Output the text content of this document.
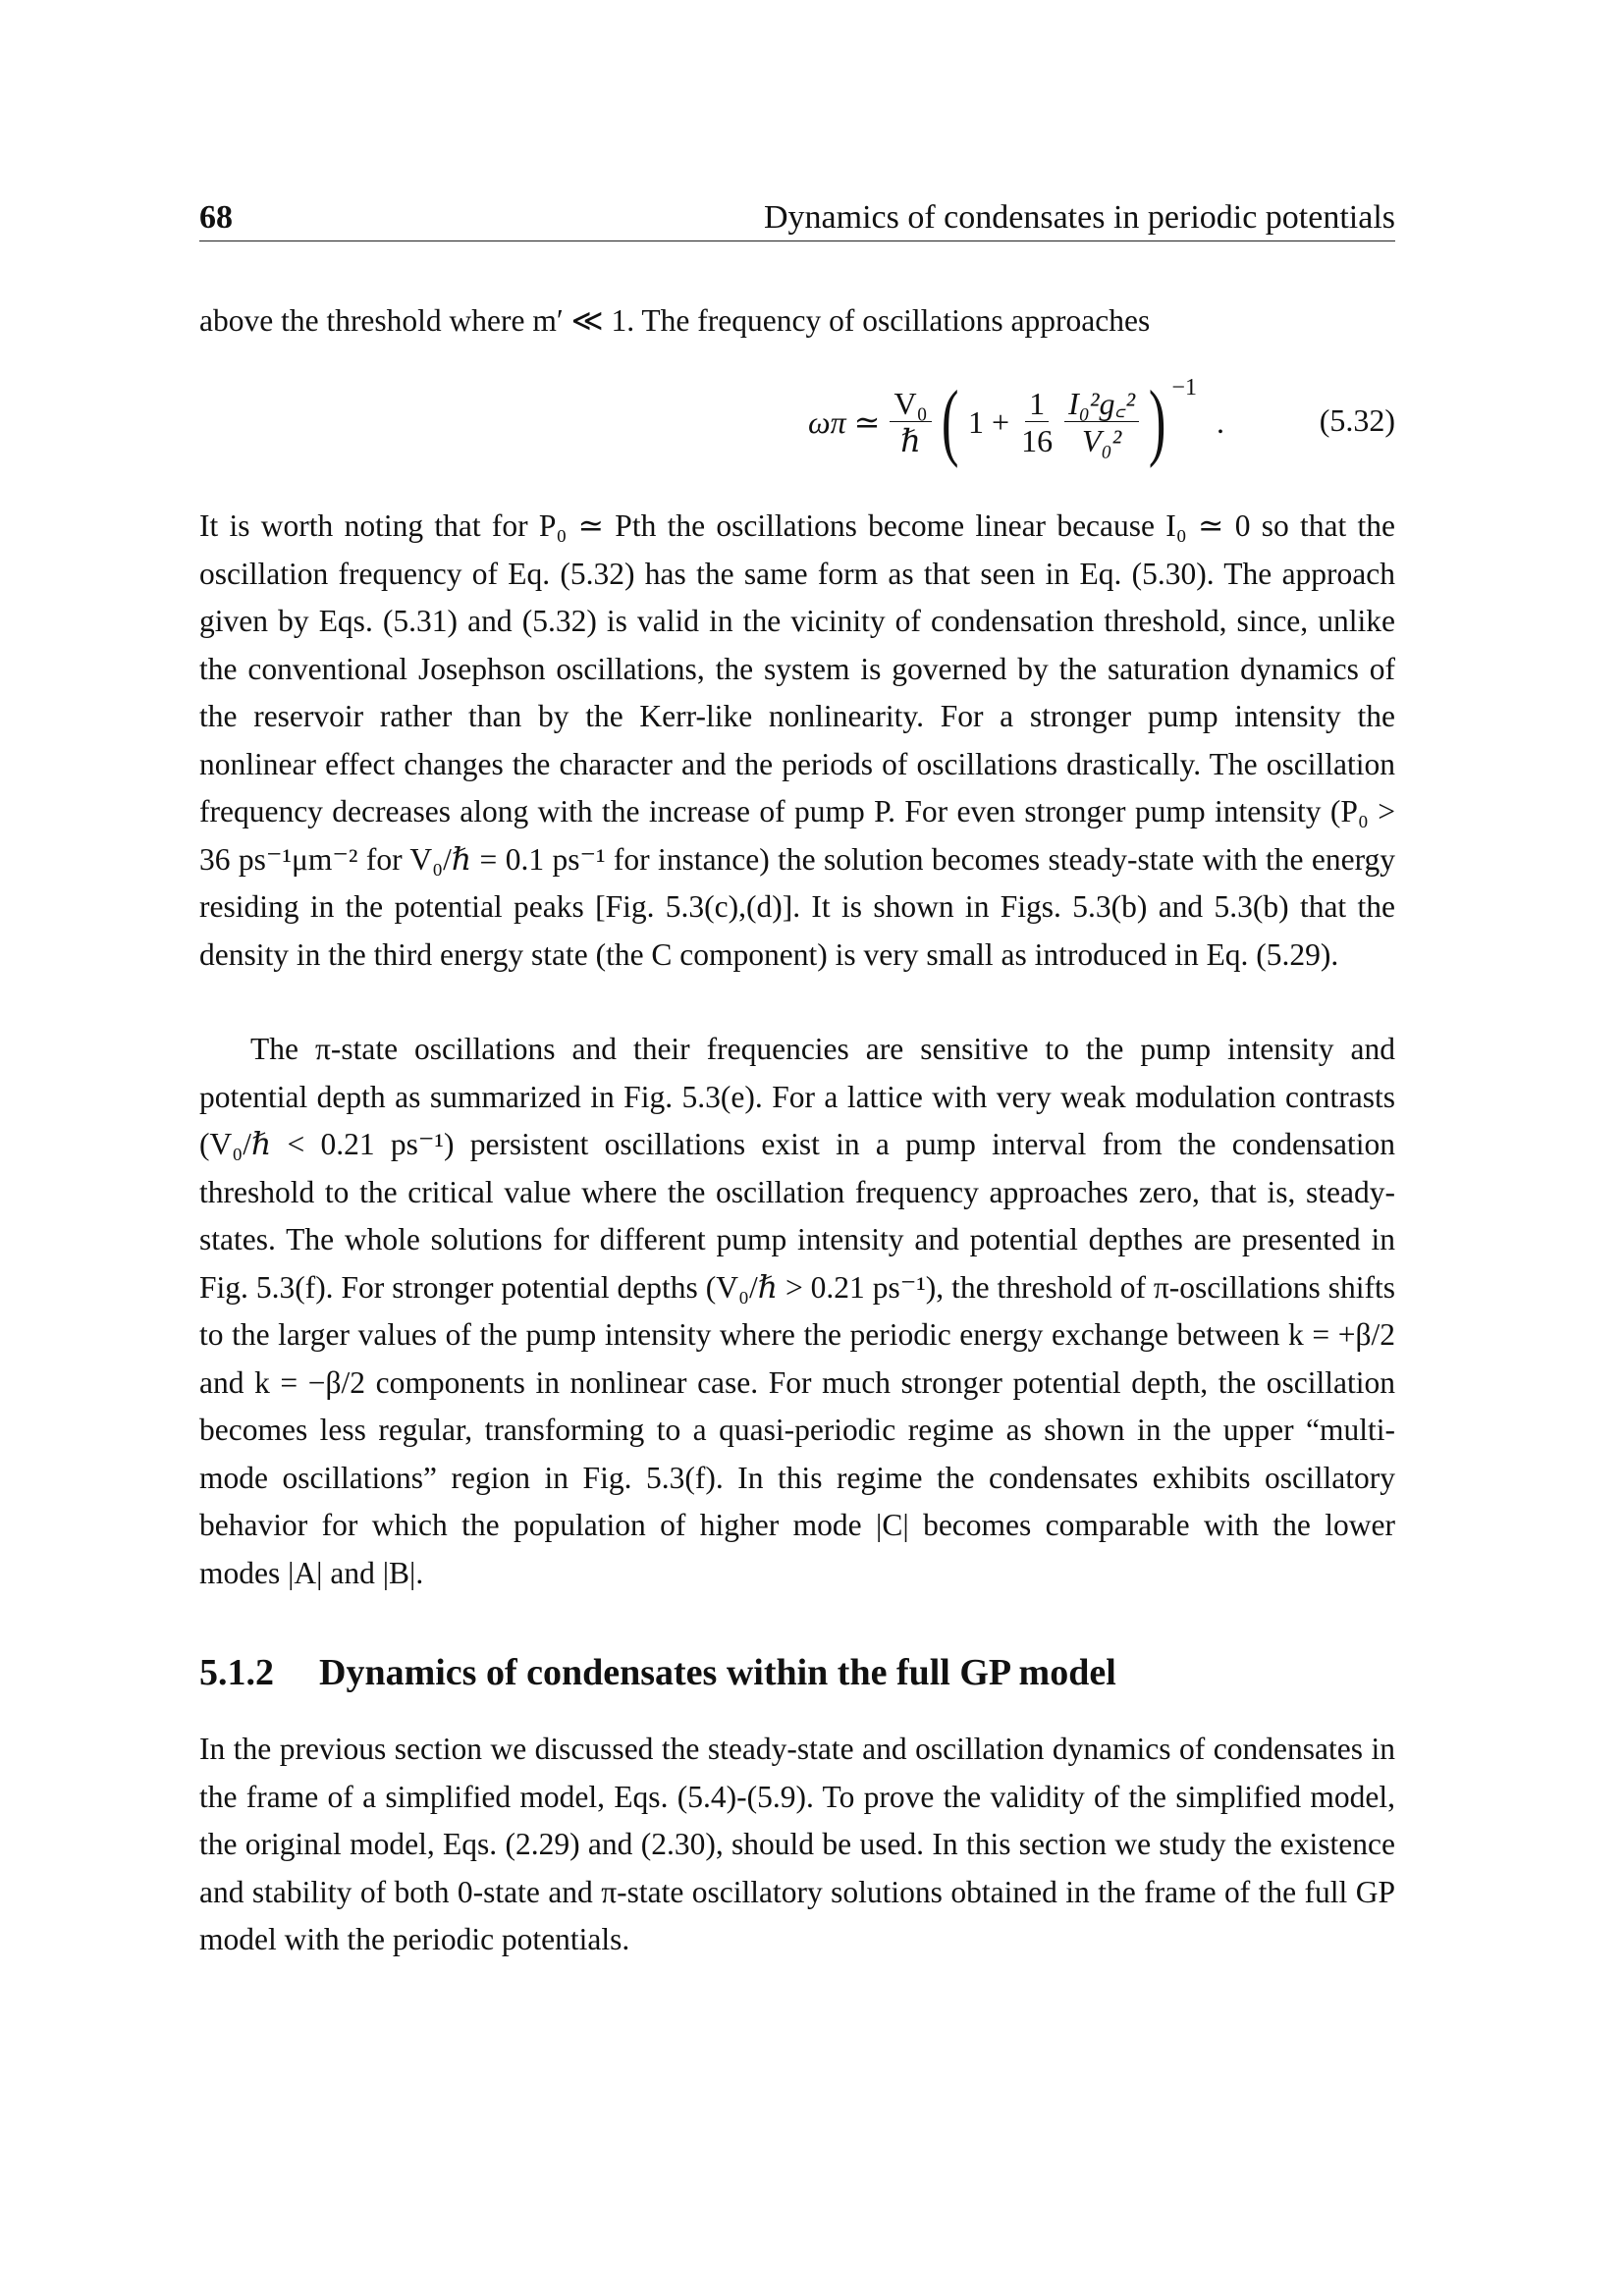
68	Dynamics of condensates in periodic potentials

above the threshold where m′ ≪ 1. The frequency of oscillations approaches

ωπ ≃ $\frac{\text{V₀}}{\text{ℏ}}$ ( $1 + \frac{1}{16} \frac{\text{I₀²g꜀²}}{\text{V₀²}}$ ) −1
.	(5.32)

It is worth noting that for P₀ ≃ Pth the oscillations become linear because I₀ ≃ 0 so that the oscillation frequency of Eq. (5.32) has the same form as that seen in Eq. (5.30). The approach given by Eqs. (5.31) and (5.32) is valid in the vicinity of condensation threshold, since, unlike the conventional Josephson oscillations, the system is governed by the saturation dynamics of the reservoir rather than by the Kerr-like nonlinearity. For a stronger pump intensity the nonlinear effect changes the character and the periods of oscillations drastically. The oscillation frequency decreases along with the increase of pump P. For even stronger pump intensity (P₀ > 36 ps⁻¹μm⁻² for V₀/ℏ = 0.1 ps⁻¹ for instance) the solution becomes steady-state with the energy residing in the potential peaks [Fig. 5.3(c),(d)]. It is shown in Figs. 5.3(b) and 5.3(b) that the density in the third energy state (the C component) is very small as introduced in Eq. (5.29).

The π-state oscillations and their frequencies are sensitive to the pump intensity and potential depth as summarized in Fig. 5.3(e). For a lattice with very weak modulation contrasts (V₀/ℏ < 0.21 ps⁻¹) persistent oscillations exist in a pump interval from the condensation threshold to the critical value where the oscillation frequency approaches zero, that is, steady-states. The whole solutions for different pump intensity and potential depthes are presented in Fig. 5.3(f). For stronger potential depths (V₀/ℏ > 0.21 ps⁻¹), the threshold of π-oscillations shifts to the larger values of the pump intensity where the periodic energy exchange between k = +β/2 and k = −β/2 components in nonlinear case. For much stronger potential depth, the oscillation becomes less regular, transforming to a quasi-periodic regime as shown in the upper “multi-mode oscillations” region in Fig. 5.3(f). In this regime the condensates exhibits oscillatory behavior for which the population of higher mode |C| becomes comparable with the lower modes |A| and |B|.

5.1.2 Dynamics of condensates within the full GP model

In the previous section we discussed the steady-state and oscillation dynamics of condensates in the frame of a simplified model, Eqs. (5.4)-(5.9). To prove the validity of the simplified model, the original model, Eqs. (2.29) and (2.30), should be used. In this section we study the existence and stability of both 0-state and π-state oscillatory solutions obtained in the frame of the full GP model with the periodic potentials.
